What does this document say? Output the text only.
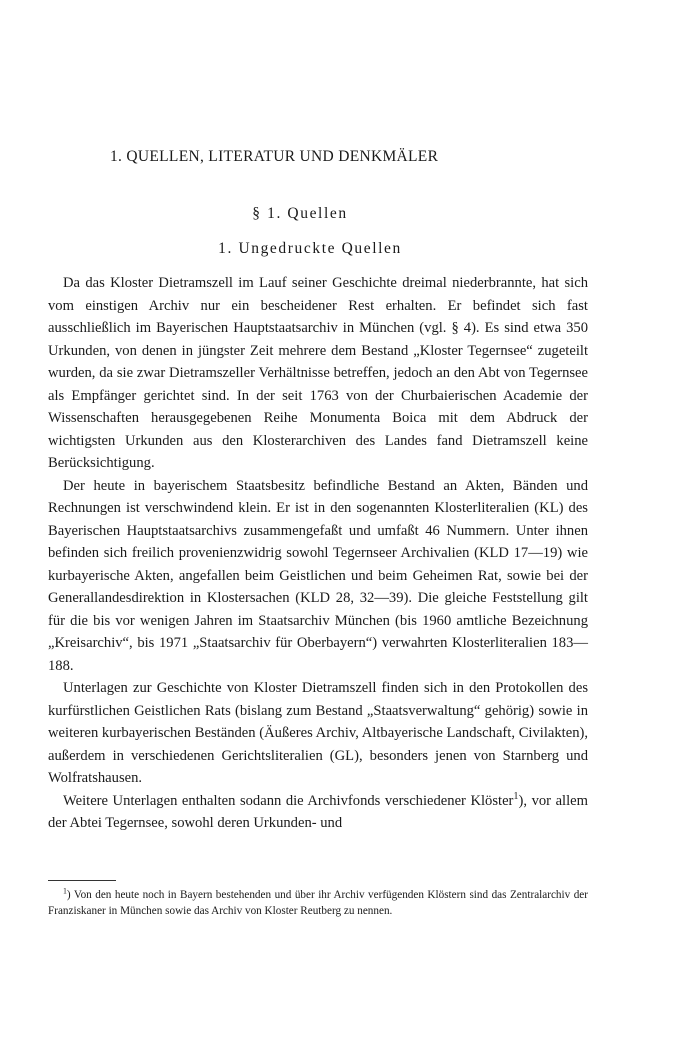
1. QUELLEN, LITERATUR UND DENKMÄLER
§ 1. Quellen
1. Ungedruckte Quellen

Da das Kloster Dietramszell im Lauf seiner Geschichte dreimal niederbrannte, hat sich vom einstigen Archiv nur ein bescheidener Rest erhalten. Er befindet sich fast ausschließlich im Bayerischen Hauptstaatsarchiv in München (vgl. § 4). Es sind etwa 350 Urkunden, von denen in jüngster Zeit mehrere dem Bestand „Kloster Tegernsee“ zugeteilt wurden, da sie zwar Dietramszeller Verhältnisse betreffen, jedoch an den Abt von Tegernsee als Empfänger gerichtet sind. In der seit 1763 von der Churbaierischen Academie der Wissenschaften herausgegebenen Reihe Monumenta Boica mit dem Abdruck der wichtigsten Urkunden aus den Klosterarchiven des Landes fand Dietramszell keine Berücksichtigung.

Der heute in bayerischem Staatsbesitz befindliche Bestand an Akten, Bänden und Rechnungen ist verschwindend klein. Er ist in den sogenannten Klosterliteralien (KL) des Bayerischen Hauptstaatsarchivs zusammengefaßt und umfaßt 46 Nummern. Unter ihnen befinden sich freilich provenienzwidrig sowohl Tegernseer Archivalien (KLD 17—19) wie kurbayerische Akten, angefallen beim Geistlichen und beim Geheimen Rat, sowie bei der Generallandesdirektion in Klostersachen (KLD 28, 32—39). Die gleiche Feststellung gilt für die bis vor wenigen Jahren im Staatsarchiv München (bis 1960 amtliche Bezeichnung „Kreisarchiv“, bis 1971 „Staatsarchiv für Oberbayern“) verwahrten Klosterliteralien 183—188.

Unterlagen zur Geschichte von Kloster Dietramszell finden sich in den Protokollen des kurfürstlichen Geistlichen Rats (bislang zum Bestand „Staatsverwaltung“ gehörig) sowie in weiteren kurbayerischen Beständen (Äußeres Archiv, Altbayerische Landschaft, Civilakten), außerdem in verschiedenen Gerichtsliteralien (GL), besonders jenen von Starnberg und Wolfratshausen.

Weitere Unterlagen enthalten sodann die Archivfonds verschiedener Klöster$^1$), vor allem der Abtei Tegernsee, sowohl deren Urkunden- und

$^1$) Von den heute noch in Bayern bestehenden und über ihr Archiv verfügenden Klöstern sind das Zentralarchiv der Franziskaner in München sowie das Archiv von Kloster Reutberg zu nennen.
